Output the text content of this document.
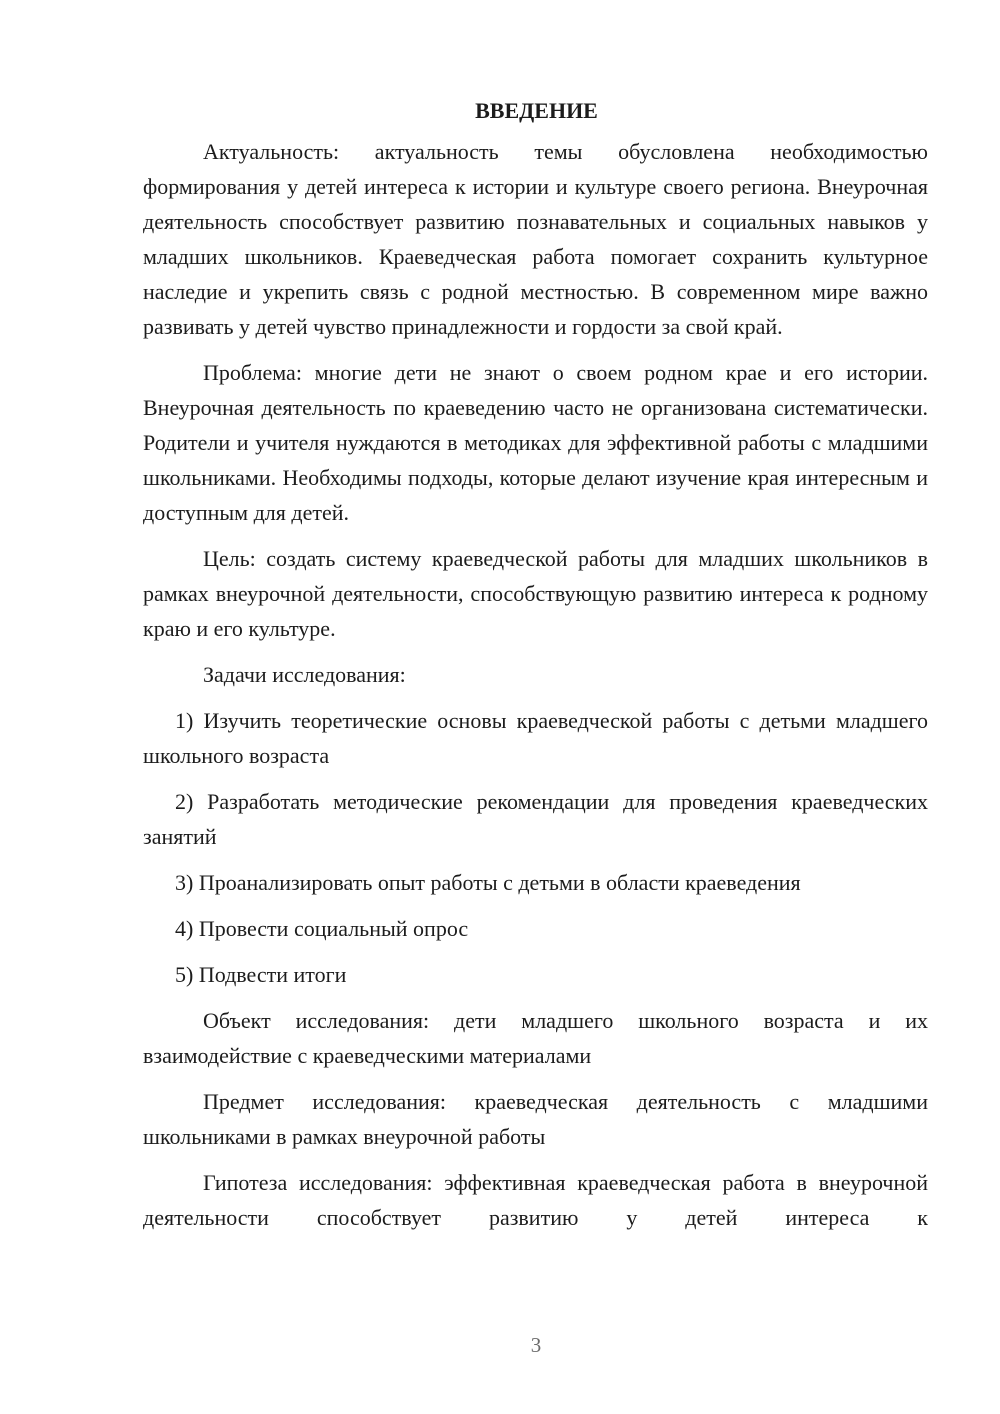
ВВЕДЕНИЕ

Актуальность: актуальность темы обусловлена необходимостью формирования у детей интереса к истории и культуре своего региона. Внеурочная деятельность способствует развитию познавательных и социальных навыков у младших школьников. Краеведческая работа помогает сохранить культурное наследие и укрепить связь с родной местностью. В современном мире важно развивать у детей чувство принадлежности и гордости за свой край.

Проблема: многие дети не знают о своем родном крае и его истории. Внеурочная деятельность по краеведению часто не организована систематически. Родители и учителя нуждаются в методиках для эффективной работы с младшими школьниками. Необходимы подходы, которые делают изучение края интересным и доступным для детей.

Цель: создать систему краеведческой работы для младших школьников в рамках внеурочной деятельности, способствующую развитию интереса к родному краю и его культуре.

Задачи исследования:

1) Изучить теоретические основы краеведческой работы с детьми младшего школьного возраста

2) Разработать методические рекомендации для проведения краеведческих занятий

3) Проанализировать опыт работы с детьми в области краеведения

4) Провести социальный опрос

5) Подвести итоги

Объект исследования: дети младшего школьного возраста и их взаимодействие с краеведческими материалами

Предмет исследования: краеведческая деятельность с младшими школьниками в рамках внеурочной работы

Гипотеза исследования: эффективная краеведческая работа в внеурочной деятельности способствует развитию у детей интереса к

3
